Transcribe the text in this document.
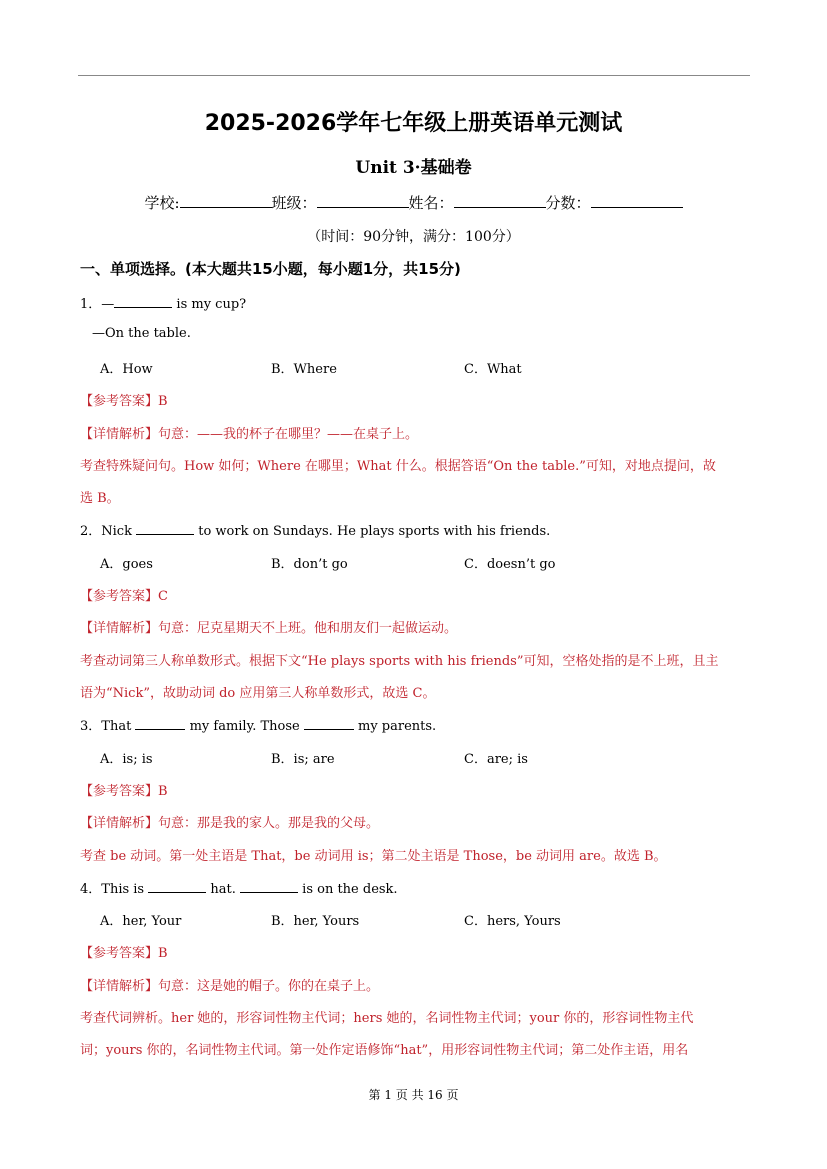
2025-2026学年七年级上册英语单元测试
Unit 3·基础卷
学校:	班级：	姓名：	分数：
（时间：90分钟，满分：100分）
一、单项选择。(本大题共15小题，每小题1分，共15分)
1．—	is my cup?
—On the table.
A．How	B．Where	C．What
【参考答案】B
【详情解析】句意：——我的杯子在哪里？——在桌子上。
考查特殊疑问句。How 如何；Where 在哪里；What 什么。根据答语“On the table.”可知，对地点提问，故
选 B。
2．Nick	to work on Sundays. He plays sports with his friends.
A．goes	B．don’t go	C．doesn’t go
【参考答案】C
【详情解析】句意：尼克星期天不上班。他和朋友们一起做运动。
考查动词第三人称单数形式。根据下文“He plays sports with his friends”可知，空格处指的是不上班，且主
语为“Nick”，故助动词 do 应用第三人称单数形式，故选 C。
3．That	my family. Those	my parents.
A．is; is	B．is; are	C．are; is
【参考答案】B
【详情解析】句意：那是我的家人。那是我的父母。
考查 be 动词。第一处主语是 That，be 动词用 is；第二处主语是 Those，be 动词用 are。故选 B。
4．This is	hat.	is on the desk.
A．her, Your	B．her, Yours	C．hers, Yours
【参考答案】B
【详情解析】句意：这是她的帽子。你的在桌子上。
考查代词辨析。her 她的，形容词性物主代词；hers 她的，名词性物主代词；your 你的，形容词性物主代
词；yours 你的，名词性物主代词。第一处作定语修饰“hat”，用形容词性物主代词；第二处作主语，用名
第 1 页 共 16 页
